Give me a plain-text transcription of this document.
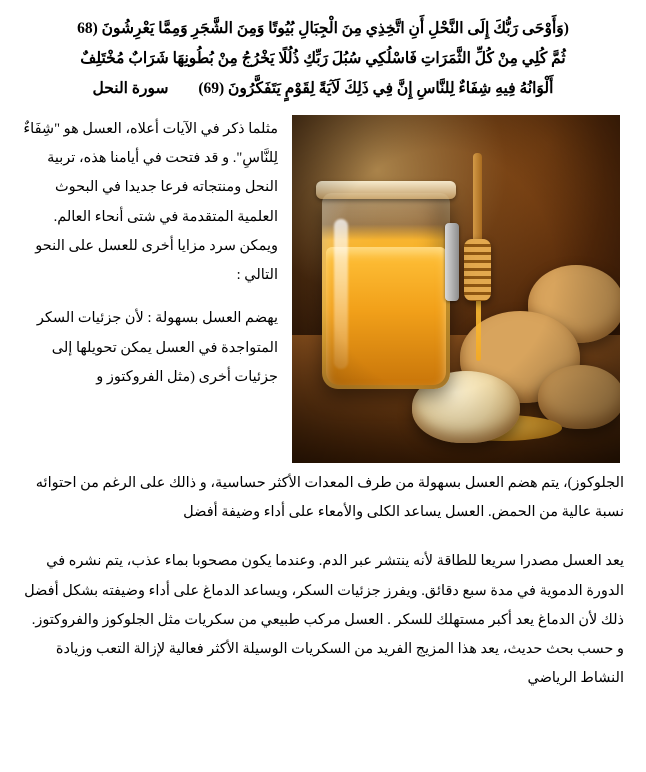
(وَأَوْحَى رَبُّكَ إِلَى النَّحْلِ أَنِ اتَّخِذِي مِنَ الْجِبَالِ بُيُوتًا وَمِنَ الشَّجَرِ وَمِمَّا يَعْرِشُونَ (68
ثُمَّ كُلِي مِنْ كُلِّ الثَّمَرَاتِ فَاسْلُكِي سُبُلَ رَبِّكِ ذُلُلًا يَخْرُجُ مِنْ بُطُونِهَا شَرَابٌ مُخْتَلِفٌ
أَلْوَانُهُ فِيهِ شِفَاءٌ لِلنَّاسِ إِنَّ فِي ذَلِكَ لَآيَةً لِقَوْمٍ يَتَفَكَّرُونَ (69) سورة النحل

مثلما ذكر في الآيات أعلاه، العسل هو "شِفَاءٌ لِلنَّاسِ". و قد فتحت في أيامنا هذه، تربية النحل ومنتجاته فرعا جديدا في البحوث العلمية المتقدمة في شتى أنحاء العالم. ويمكن سرد مزايا أخرى للعسل على النحو التالي :

يهضم العسل بسهولة : لأن جزئيات السكر المتواجدة في العسل يمكن تحويلها إلى جزئيات أخرى (مثل الفروكتوز و

الجلوكوز)، يتم هضم العسل بسهولة من طرف المعدات الأكثر حساسية، و ذالك على الرغم من احتوائه نسبة عالية من الحمض. العسل يساعد الكلى والأمعاء على أداء وضيفة أفضل

يعد العسل مصدرا سريعا للطاقة لأنه ينتشر عبر الدم. وعندما يكون مصحوبا بماء عذب، يتم نشره في الدورة الدموية في مدة سبع دقائق. ويفرز جزئيات السكر، ويساعد الدماغ على أداء وضيفته بشكل أفضل ذلك لأن الدماغ يعد أكبر مستهلك للسكر . العسل مركب طبيعي من سكريات مثل الجلوكوز والفروكتوز. و حسب بحث حديث، يعد هذا المزيج الفريد من السكريات الوسيلة الأكثر فعالية لإزالة التعب وزيادة النشاط الرياضي
